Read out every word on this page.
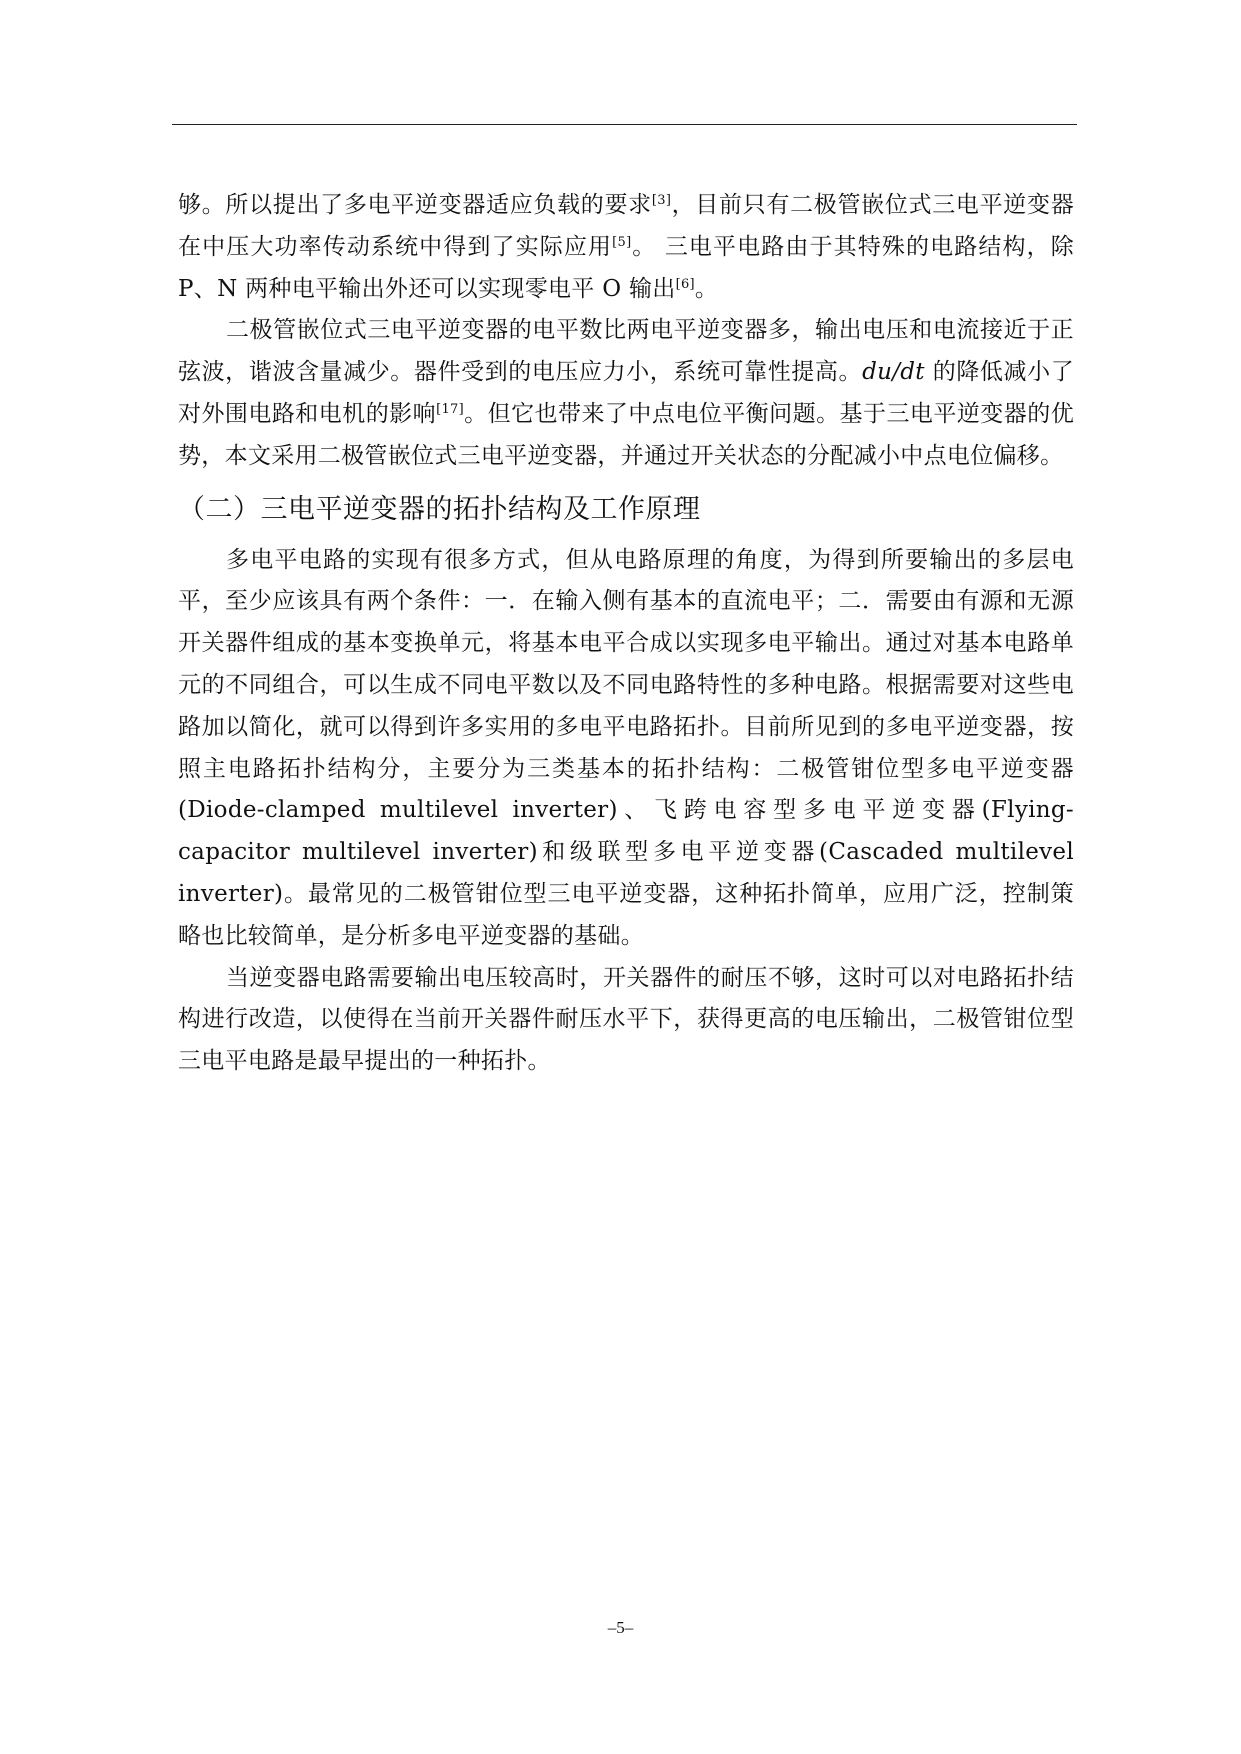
够。所以提出了多电平逆变器适应负载的要求[3]，目前只有二极管嵌位式三电平逆变器在中压大功率传动系统中得到了实际应用[5]。 三电平电路由于其特殊的电路结构，除 P、N 两种电平输出外还可以实现零电平 O 输出[6]。

二极管嵌位式三电平逆变器的电平数比两电平逆变器多，输出电压和电流接近于正弦波，谐波含量减少。器件受到的电压应力小，系统可靠性提高。du/dt 的降低减小了对外围电路和电机的影响[17]。但它也带来了中点电位平衡问题。基于三电平逆变器的优势，本文采用二极管嵌位式三电平逆变器，并通过开关状态的分配减小中点电位偏移。

（二）三电平逆变器的拓扑结构及工作原理

多电平电路的实现有很多方式，但从电路原理的角度，为得到所要输出的多层电平，至少应该具有两个条件：一．在输入侧有基本的直流电平；二．需要由有源和无源开关器件组成的基本变换单元，将基本电平合成以实现多电平输出。通过对基本电路单元的不同组合，可以生成不同电平数以及不同电路特性的多种电路。根据需要对这些电路加以简化，就可以得到许多实用的多电平电路拓扑。目前所见到的多电平逆变器，按照主电路拓扑结构分，主要分为三类基本的拓扑结构：二极管钳位型多电平逆变器(Diode-clamped multilevel inverter)、飞跨电容型多电平逆变器(Flying-capacitor multilevel inverter)和级联型多电平逆变器(Cascaded multilevel inverter)。最常见的二极管钳位型三电平逆变器，这种拓扑简单，应用广泛，控制策略也比较简单，是分析多电平逆变器的基础。

当逆变器电路需要输出电压较高时，开关器件的耐压不够，这时可以对电路拓扑结构进行改造，以使得在当前开关器件耐压水平下，获得更高的电压输出，二极管钳位型三电平电路是最早提出的一种拓扑。

–5–
